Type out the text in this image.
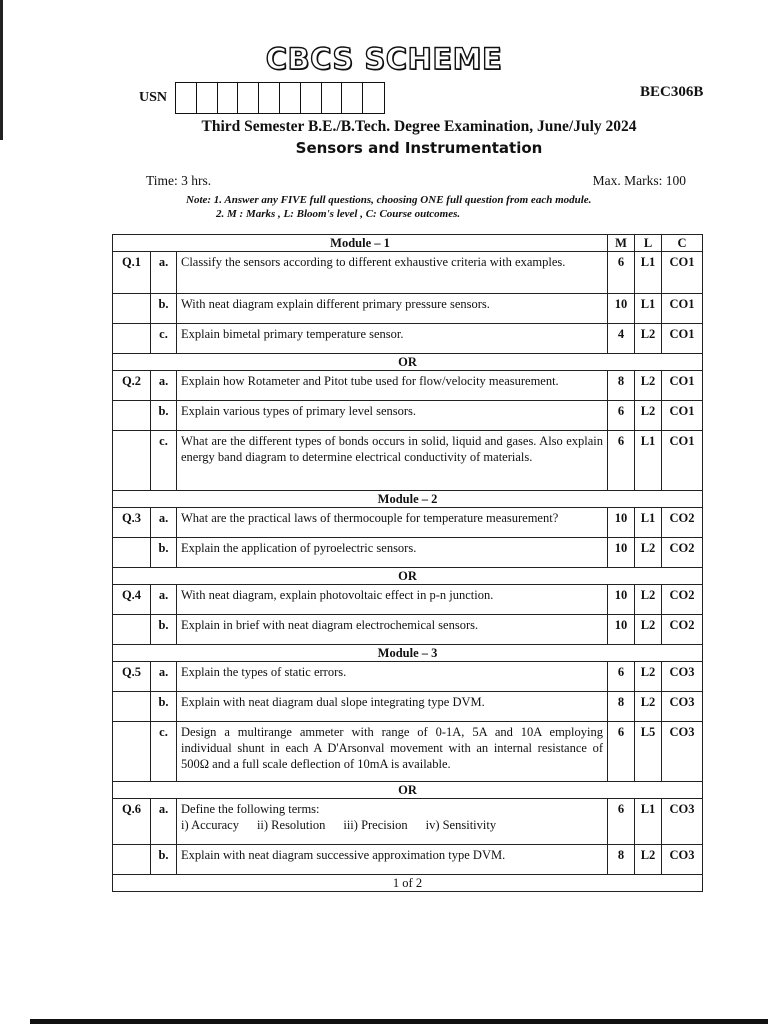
CBCS SCHEME
USN	BEC306B
Third Semester B.E./B.Tech. Degree Examination, June/July 2024
Sensors and Instrumentation
Time: 3 hrs.	Max. Marks: 100
Note: 1. Answer any FIVE full questions, choosing ONE full question from each module.
2. M : Marks , L: Bloom's level , C: Course outcomes.
Module – 1			M	L	C
Q.1	a.	Classify the sensors according to different exhaustive criteria with examples.	6	L1	CO1
	b.	With neat diagram explain different primary pressure sensors.	10	L1	CO1
	c.	Explain bimetal primary temperature sensor.	4	L2	CO1
OR					
Q.2	a.	Explain how Rotameter and Pitot tube used for flow/velocity measurement.	8	L2	CO1
	b.	Explain various types of primary level sensors.	6	L2	CO1
	c.	What are the different types of bonds occurs in solid, liquid and gases. Also explain energy band diagram to determine electrical conductivity of materials.	6	L1	CO1
Module – 2					
Q.3	a.	What are the practical laws of thermocouple for temperature measurement?	10	L1	CO2
	b.	Explain the application of pyroelectric sensors.	10	L2	CO2
OR					
Q.4	a.	With neat diagram, explain photovoltaic effect in p-n junction.	10	L2	CO2
	b.	Explain in brief with neat diagram electrochemical sensors.	10	L2	CO2
Module – 3					
Q.5	a.	Explain the types of static errors.	6	L2	CO3
	b.	Explain with neat diagram dual slope integrating type DVM.	8	L2	CO3
	c.	Design a multirange ammeter with range of 0-1A, 5A and 10A employing individual shunt in each A D'Arsonval movement with an internal resistance of 500Ω and a full scale deflection of 10mA is available.	6	L5	CO3
OR					
Q.6	a.	Define the following terms:
i) Accuracy ii) Resolution iii) Precision iv) Sensitivity	6	L1	CO3
	b.	Explain with neat diagram successive approximation type DVM.	8	L2	CO3
1 of 2					
